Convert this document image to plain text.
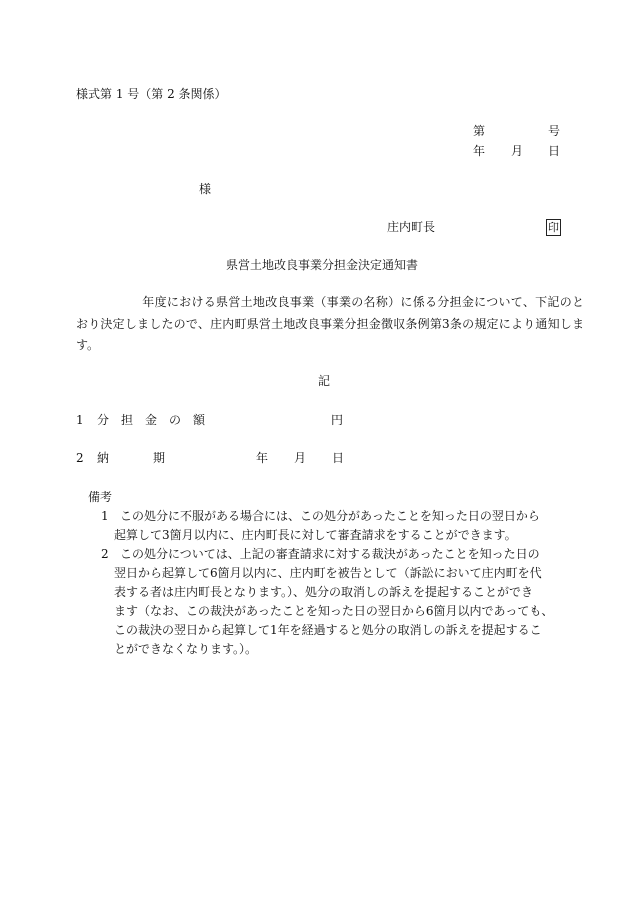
様式第 1 号（第 2 条関係）
第	号
年 月 日
様
庄内町長	印
県営土地改良事業分担金決定通知書
年度における県営土地改良事業（事業の名称）に係る分担金について、下記のとおり決定しましたので、庄内町県営土地改良事業分担金徴収条例第3条の規定により通知します。
記
1 分　担　金　の　額	円
2 納	期	年 月 日
備考
1 この処分に不服がある場合には、この処分があったことを知った日の翌日から
起算して3箇月以内に、庄内町長に対して審査請求をすることができます。
2 この処分については、上記の審査請求に対する裁決があったことを知った日の
翌日から起算して6箇月以内に、庄内町を被告として（訴訟において庄内町を代
表する者は庄内町長となります。）、処分の取消しの訴えを提起することができ
ます（なお、この裁決があったことを知った日の翌日から6箇月以内であっても、
この裁決の翌日から起算して1年を経過すると処分の取消しの訴えを提起するこ
とができなくなります。）。
